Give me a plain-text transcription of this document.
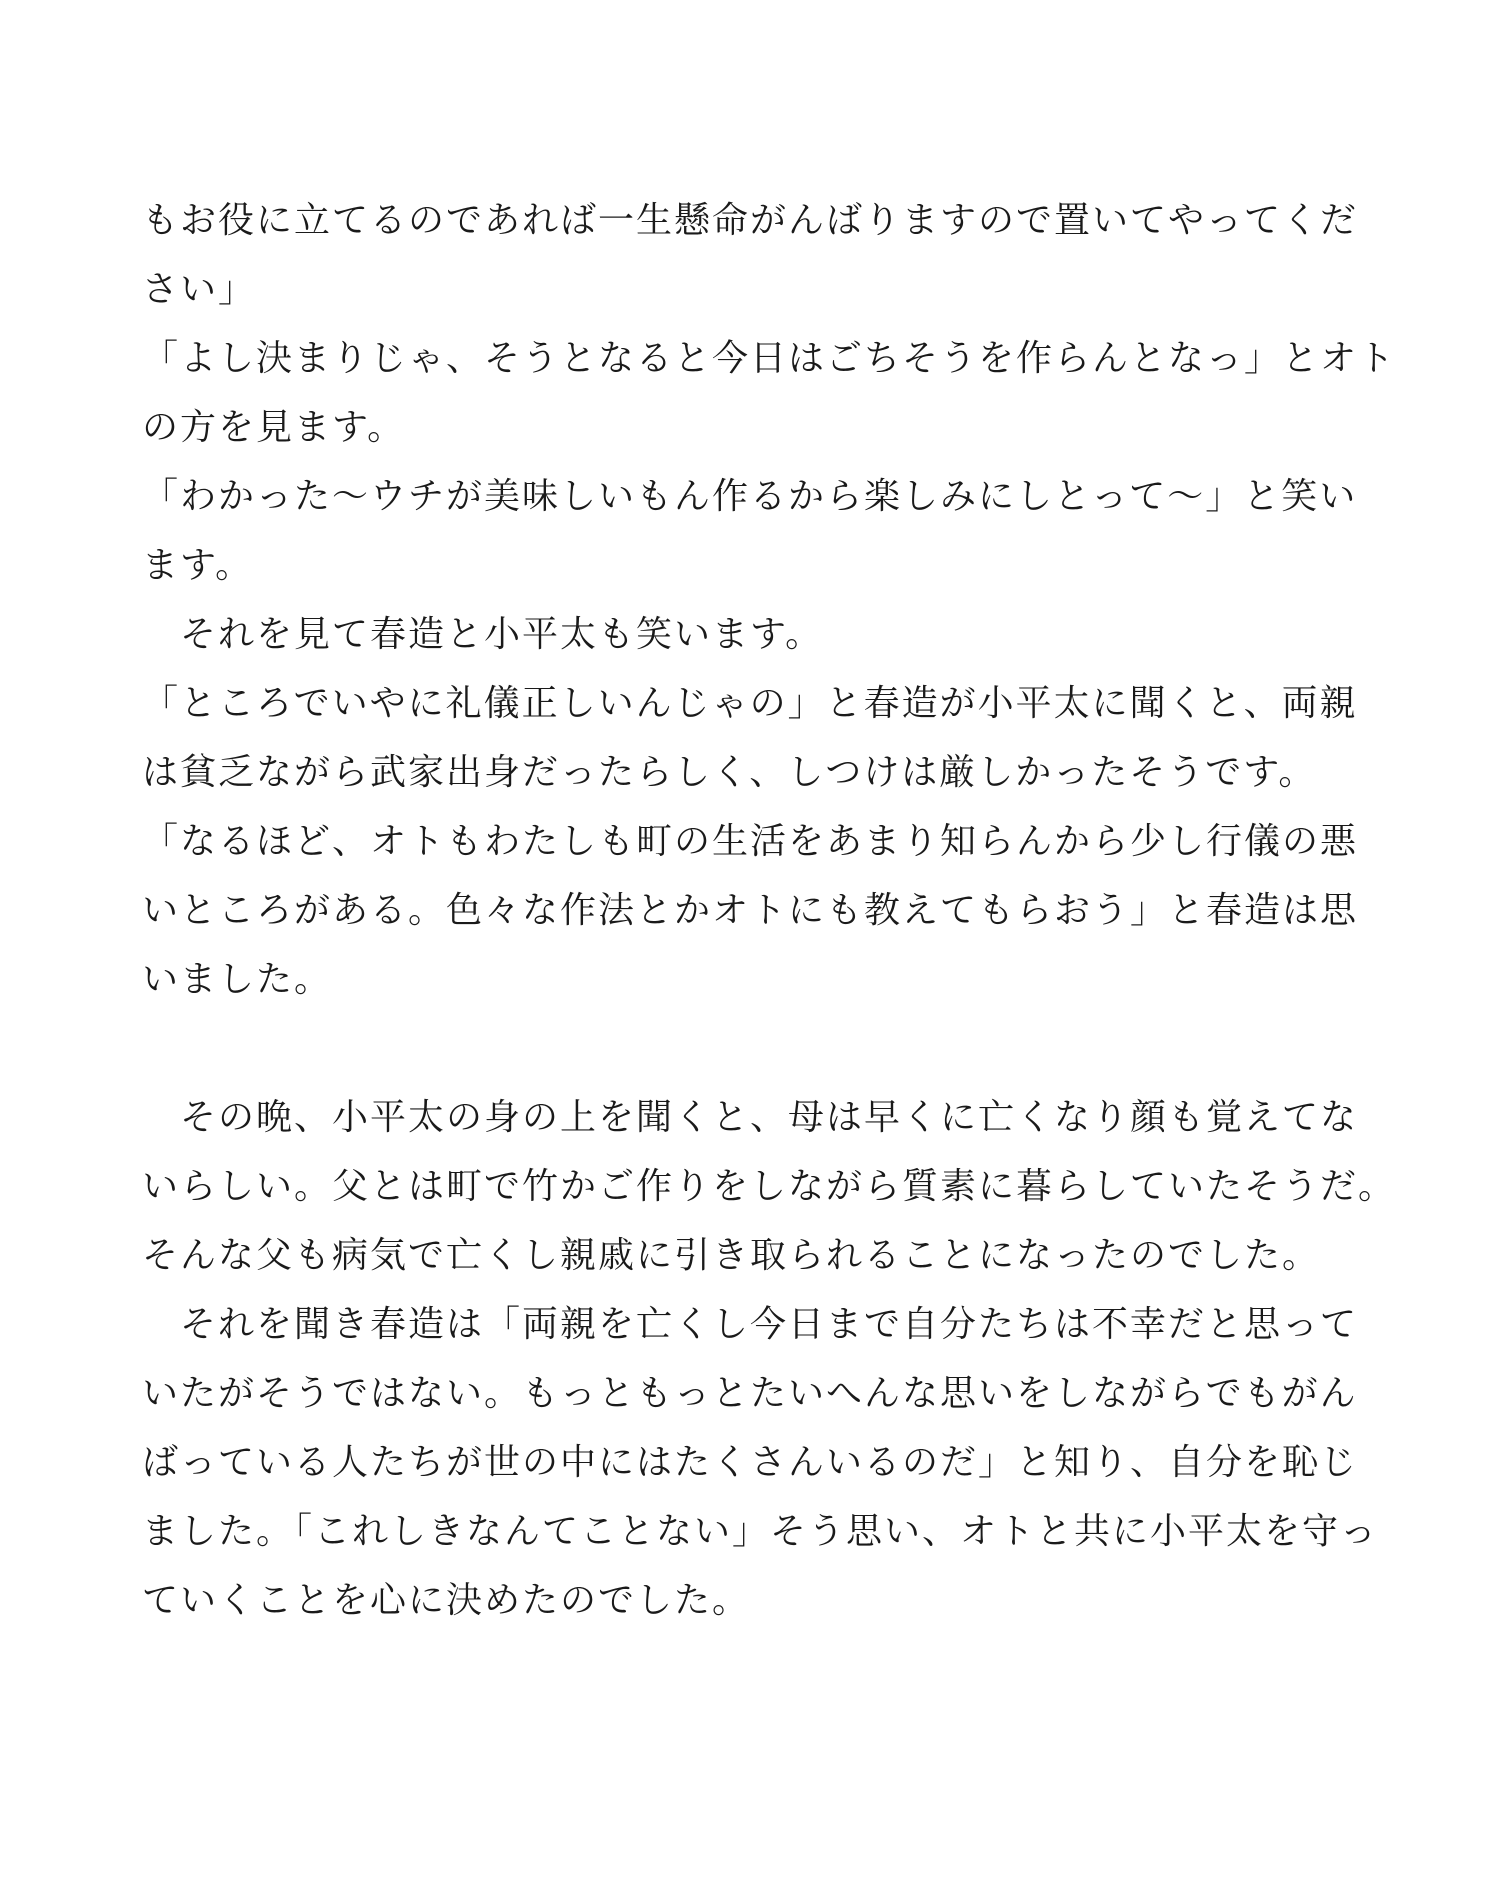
もお役に立てるのであれば一生懸命がんばりますので置いてやってくだ
さい」
「よし決まりじゃ、そうとなると今日はごちそうを作らんとなっ」とオト
の方を見ます。
「わかった〜ウチが美味しいもん作るから楽しみにしとって〜」と笑い
ます。
　それを見て春造と小平太も笑います。
「ところでいやに礼儀正しいんじゃの」と春造が小平太に聞くと、両親
は貧乏ながら武家出身だったらしく、しつけは厳しかったそうです。
「なるほど、オトもわたしも町の生活をあまり知らんから少し行儀の悪
いところがある。色々な作法とかオトにも教えてもらおう」と春造は思
いました。
　その晩、小平太の身の上を聞くと、母は早くに亡くなり顔も覚えてな
いらしい。父とは町で竹かご作りをしながら質素に暮らしていたそうだ。
そんな父も病気で亡くし親戚に引き取られることになったのでした。
　それを聞き春造は「両親を亡くし今日まで自分たちは不幸だと思って
いたがそうではない。もっともっとたいへんな思いをしながらでもがん
ばっている人たちが世の中にはたくさんいるのだ」と知り、自分を恥じ
ました。「これしきなんてことない」そう思い、オトと共に小平太を守っ
ていくことを心に決めたのでした。
